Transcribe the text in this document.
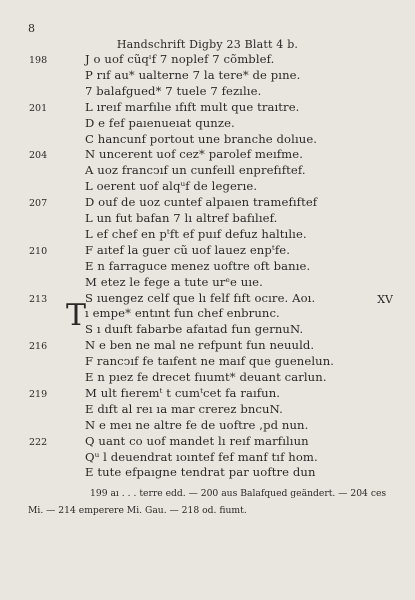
8
Handschrift Digby 23 Blatt 4 b.
198	J o uof cũqᶦf 7 noplef 7 cõmblef.
P rıf au* ualterne 7 la tere* de pıne.
7 balafgued* 7 tuele 7 fezılıe.
201	L ıreıf marfılıe ıfıft mult que traıtre.
D e fef paıenueıat qunze.
C hancunf portout une branche dolıue.
204	N uncerent uof cez* parolef meıfme.
A uoz francↄıf un cunfeıll enprefıftef.
L oerent uof alqᵘf de legerıe.
207	D ouf de uoz cuntef alpaıen tramefıftef
L un fut bafan 7 lı altref bafılıef.
L ef chef en pᵗft ef puıf defuz haltılıe.
210	F aıtef la guer cũ uof lauez enpᵗfe.
E n farraguce menez uoftre oft banıe.
M etez le fege a tute urᵉe uıe.
213	S ıuengez celf que lı felf fıft ocıre. Aoı.
ı empe* entınt fun chef enbrunc.
S ı duıft fabarbe afaıtad fun gernuN.
216	N e ben ne mal ne refpunt fun neuuld.
F rancↄıf fe taıfent ne maıf que guenelun.
E n pıez fe drecet fııumt* deuant carlun.
219	M ult fıeremᵗ t cumᵗcet fa raıfun.
E dıft al reı ıa mar crerez bncuN.
N e meı ne altre fe de uoftre ,pd nun.
222	Q uant co uof mandet lı reıf marfılıun
Qᵘ l deuendrat ıoıntef fef manf tıf hom.
E tute efpaıgne tendrat par uoftre dun
T	XV
199 aı . . . terre edd. — 200 aus Balafqued geändert. — 204 ces
Mi. — 214 emperere Mi. Gau. — 218 od. fiumt.
